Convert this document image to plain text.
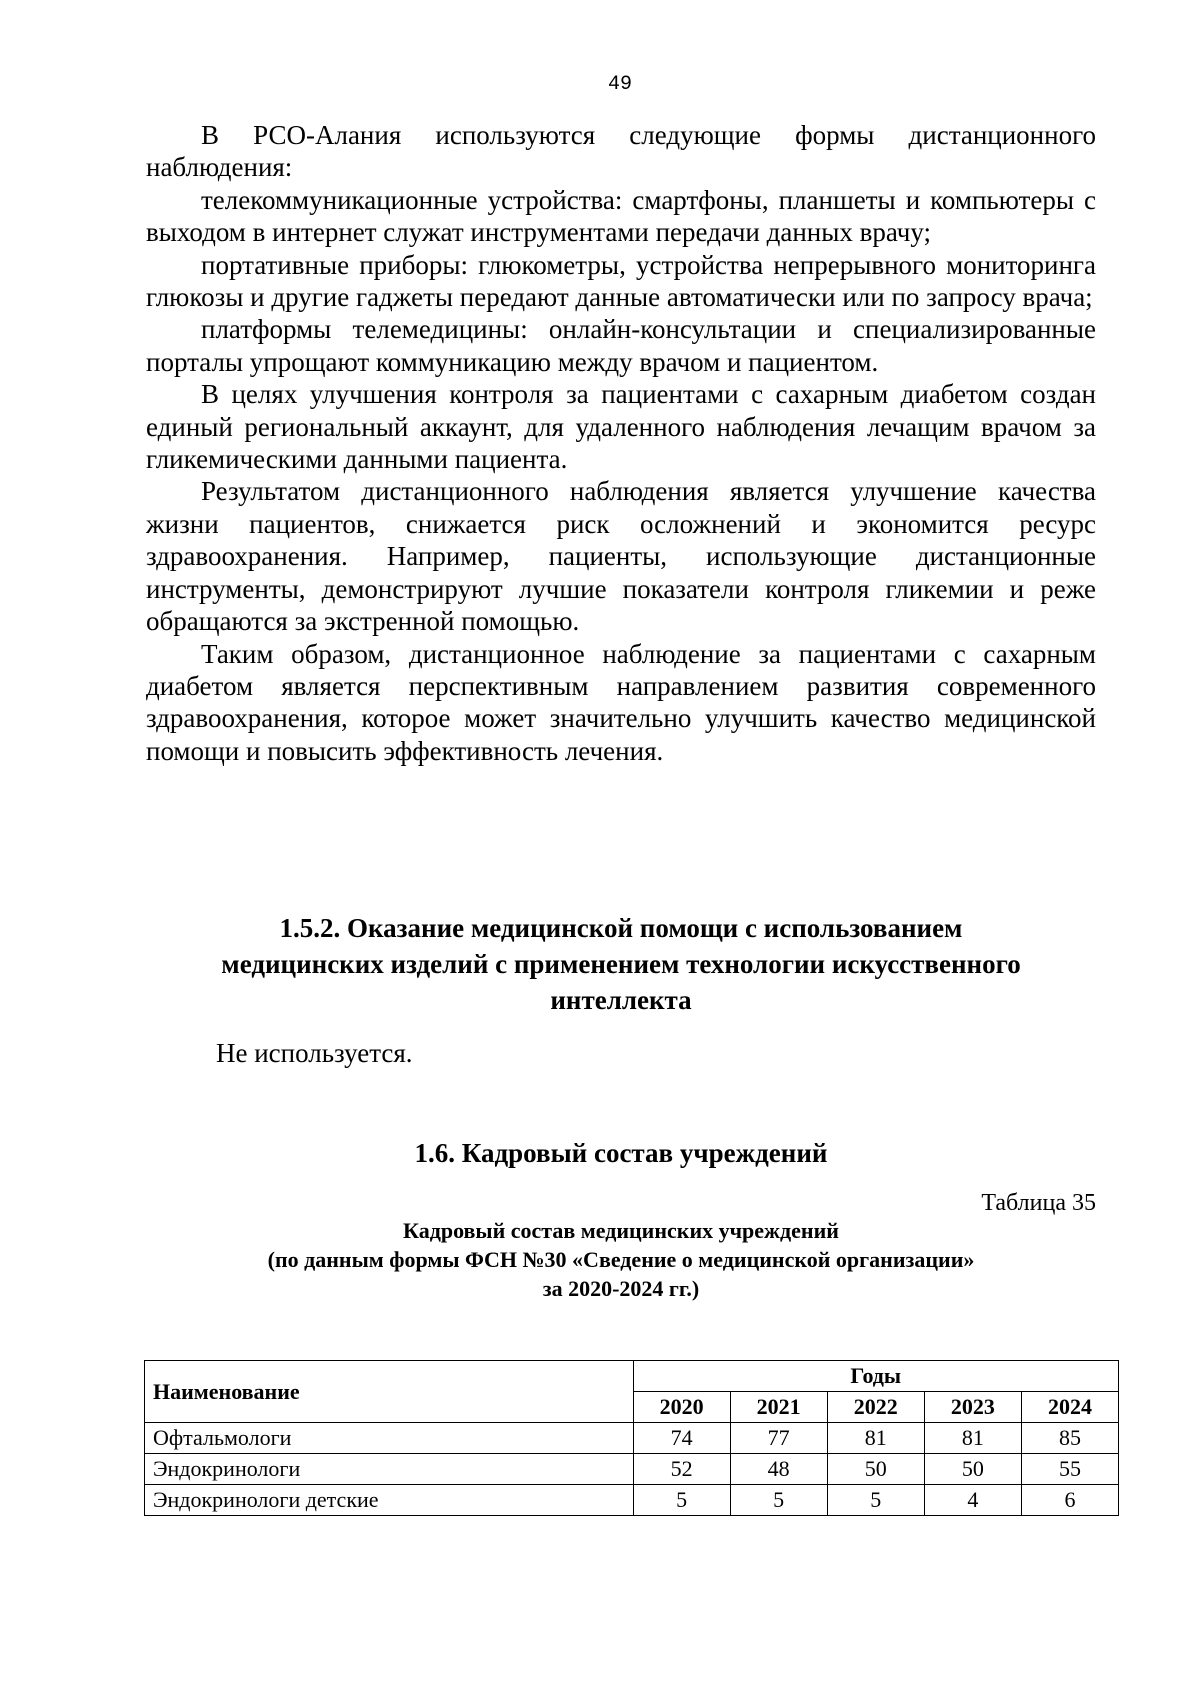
49

В РСО-Алания используются следующие формы дистанционного наблюдения:

телекоммуникационные устройства: смартфоны, планшеты и компьютеры с выходом в интернет служат инструментами передачи данных врачу;

портативные приборы: глюкометры, устройства непрерывного мониторинга глюкозы и другие гаджеты передают данные автоматически или по запросу врача;

платформы телемедицины: онлайн-консультации и специализированные порталы упрощают коммуникацию между врачом и пациентом.

В целях улучшения контроля за пациентами с сахарным диабетом создан единый региональный аккаунт, для удаленного наблюдения лечащим врачом за гликемическими данными пациента.

Результатом дистанционного наблюдения является улучшение качества жизни пациентов, снижается риск осложнений и экономится ресурс здравоохранения. Например, пациенты, использующие дистанционные инструменты, демонстрируют лучшие показатели контроля гликемии и реже обращаются за экстренной помощью.

Таким образом, дистанционное наблюдение за пациентами с сахарным диабетом является перспективным направлением развития современного здравоохранения, которое может значительно улучшить качество медицинской помощи и повысить эффективность лечения.

1.5.2. Оказание медицинской помощи с использованием
медицинских изделий с применением технологии искусственного
интеллекта
Не используется.
1.6. Кадровый состав учреждений
Таблица 35
Кадровый состав медицинских учреждений
(по данным формы ФСН №30 «Сведение о медицинской организации»
за 2020-2024 гг.)
Наименование	Годы				
	2020	2021	2022	2023	2024
Офтальмологи	74	77	81	81	85
Эндокринологи	52	48	50	50	55
Эндокринологи детские	5	5	5	4	6
